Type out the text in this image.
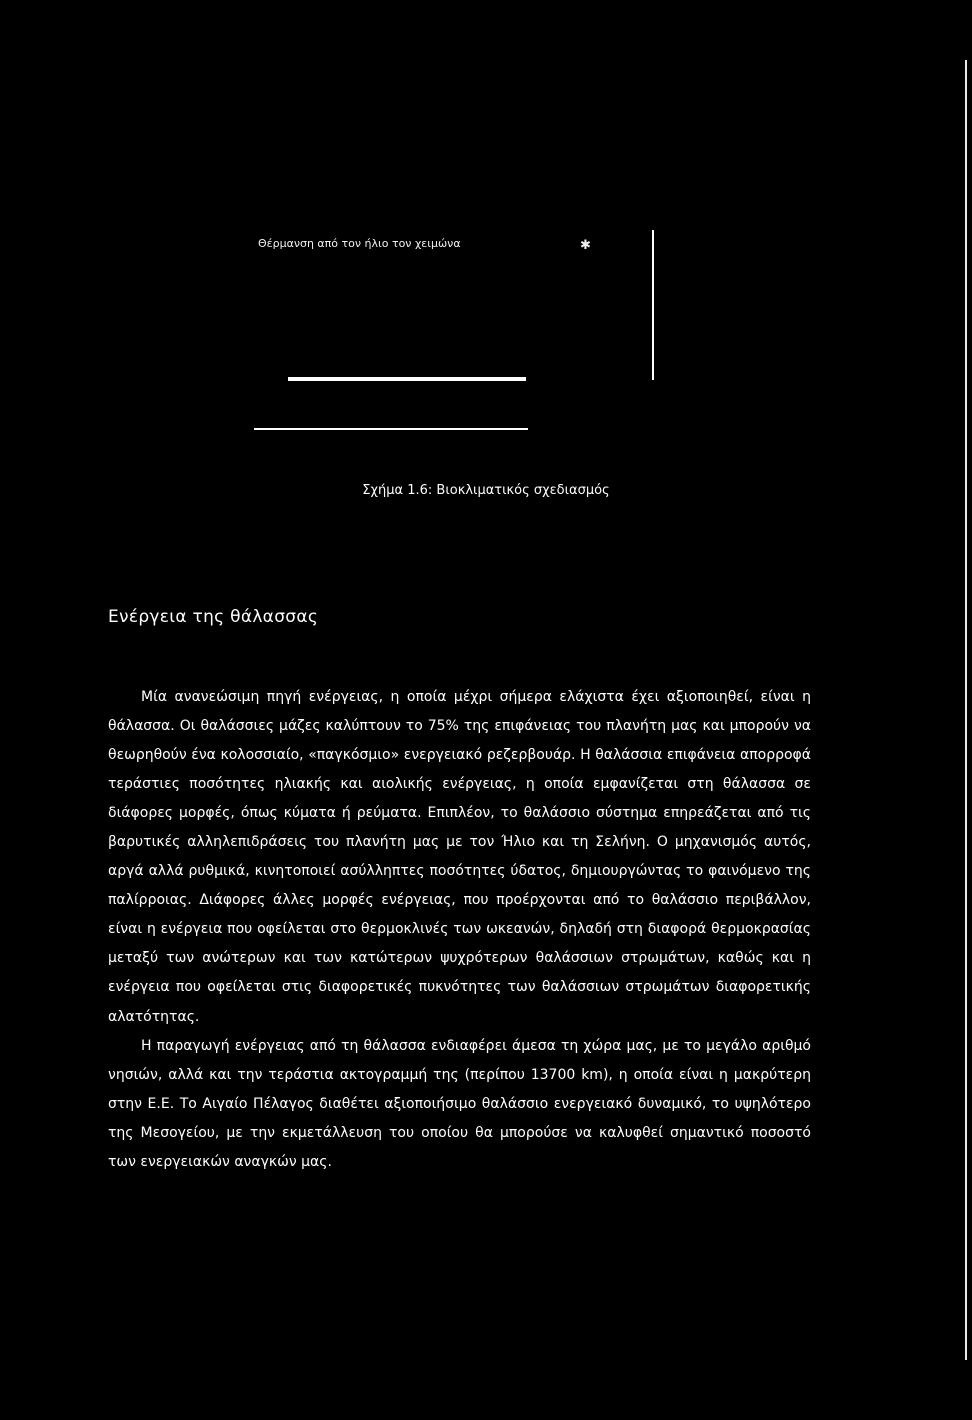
Θέρμανση από τον ήλιο τον χειμώνα	✱
Σχήμα 1.6: Βιοκλιματικός σχεδιασμός
Ενέργεια της θάλασσας

Μία ανανεώσιμη πηγή ενέργειας, η οποία μέχρι σήμερα ελάχιστα έχει αξιοποιηθεί, είναι η θάλασσα. Οι θαλάσσιες μάζες καλύπτουν το 75% της επιφάνειας του πλανήτη μας και μπορούν να θεωρηθούν ένα κολοσσιαίο, «παγκόσμιο» ενεργειακό ρεζερβουάρ. Η θαλάσσια επιφάνεια απορροφά τεράστιες ποσότητες ηλιακής και αιολικής ενέργειας, η οποία εμφανίζεται στη θάλασσα σε διάφορες μορφές, όπως κύματα ή ρεύματα. Επιπλέον, το θαλάσσιο σύστημα επηρεάζεται από τις βαρυτικές αλληλεπιδράσεις του πλανήτη μας με τον Ήλιο και τη Σελήνη. Ο μηχανισμός αυτός, αργά αλλά ρυθμικά, κινητοποιεί ασύλληπτες ποσότητες ύδατος, δημιουργώντας το φαινόμενο της παλίρροιας. Διάφορες άλλες μορφές ενέργειας, που προέρχονται από το θαλάσσιο περιβάλλον, είναι η ενέργεια που οφείλεται στο θερμοκλινές των ωκεανών, δηλαδή στη διαφορά θερμοκρασίας μεταξύ των ανώτερων και των κατώτερων ψυχρότερων θαλάσσιων στρωμάτων, καθώς και η ενέργεια που οφείλεται στις διαφορετικές πυκνότητες των θαλάσσιων στρωμάτων διαφορετικής αλατότητας.

Η παραγωγή ενέργειας από τη θάλασσα ενδιαφέρει άμεσα τη χώρα μας, με το μεγάλο αριθμό νησιών, αλλά και την τεράστια ακτογραμμή της (περίπου 13700 km), η οποία είναι η μακρύτερη στην Ε.Ε. Το Αιγαίο Πέλαγος διαθέτει αξιοποιήσιμο θαλάσσιο ενεργειακό δυναμικό, το υψηλότερο της Μεσογείου, με την εκμετάλλευση του οποίου θα μπορούσε να καλυφθεί σημαντικό ποσοστό των ενεργειακών αναγκών μας.
